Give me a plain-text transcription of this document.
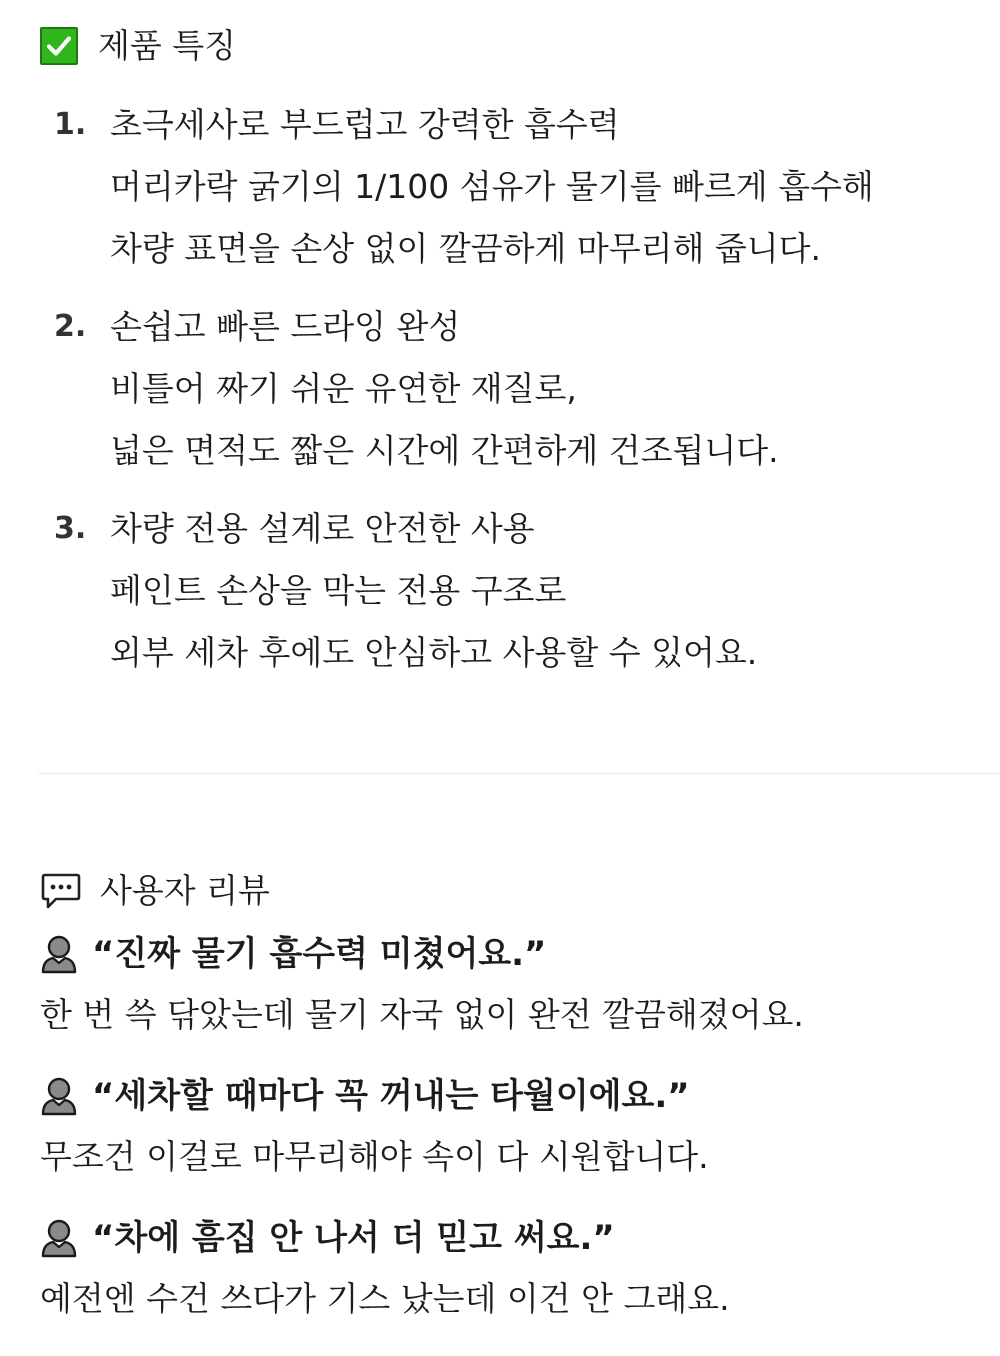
제품 특징
1. 초극세사로 부드럽고 강력한 흡수력
머리카락 굵기의 1/100 섬유가 물기를 빠르게 흡수해
차량 표면을 손상 없이 깔끔하게 마무리해 줍니다.
2. 손쉽고 빠른 드라잉 완성
비틀어 짜기 쉬운 유연한 재질로,
넓은 면적도 짧은 시간에 간편하게 건조됩니다.
3. 차량 전용 설계로 안전한 사용
페인트 손상을 막는 전용 구조로
외부 세차 후에도 안심하고 사용할 수 있어요.
사용자 리뷰
“진짜 물기 흡수력 미쳤어요.”
한 번 쓱 닦았는데 물기 자국 없이 완전 깔끔해졌어요.
“세차할 때마다 꼭 꺼내는 타월이에요.”
무조건 이걸로 마무리해야 속이 다 시원합니다.
“차에 흠집 안 나서 더 믿고 써요.”
예전엔 수건 쓰다가 기스 났는데 이건 안 그래요.
